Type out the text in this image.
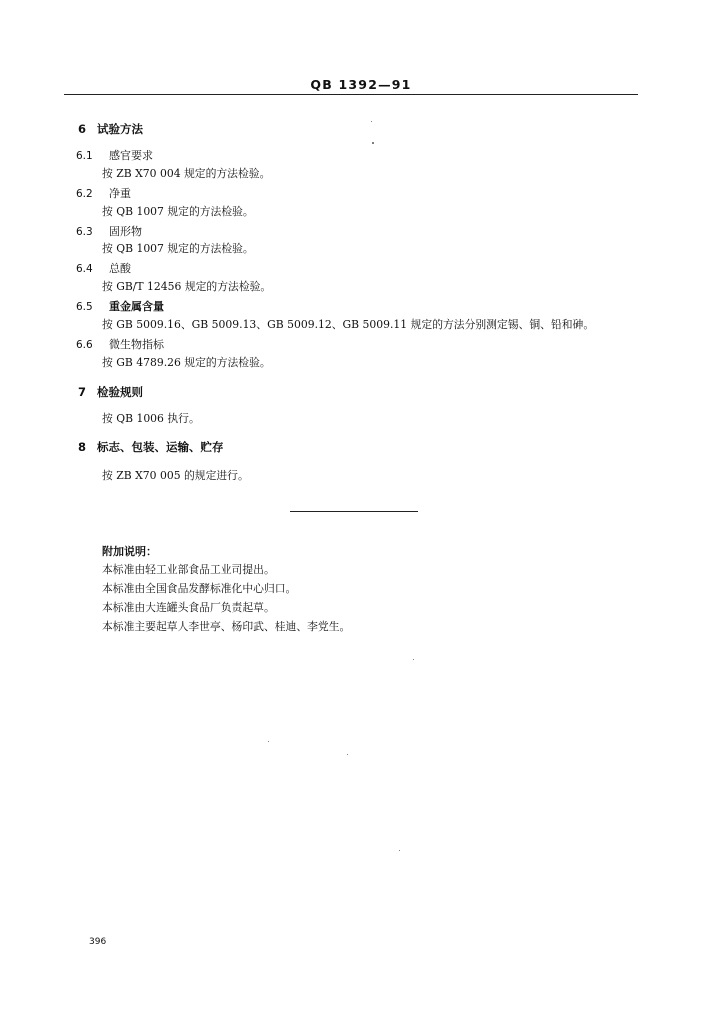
QB 1392—91
6 试验方法
6.1 感官要求
按 ZB X70 004 规定的方法检验。
6.2 净重
按 QB 1007 规定的方法检验。
6.3 固形物
按 QB 1007 规定的方法检验。
6.4 总酸
按 GB/T 12456 规定的方法检验。
6.5 重金属含量
按 GB 5009.16、GB 5009.13、GB 5009.12、GB 5009.11 规定的方法分别测定锡、铜、铅和砷。
6.6 微生物指标
按 GB 4789.26 规定的方法检验。
7 检验规则
按 QB 1006 执行。
8 标志、包装、运输、贮存
按 ZB X70 005 的规定进行。
附加说明：
本标准由轻工业部食品工业司提出。
本标准由全国食品发酵标准化中心归口。
本标准由大连罐头食品厂负责起草。
本标准主要起草人李世亭、杨印武、桂迪、李党生。
396
